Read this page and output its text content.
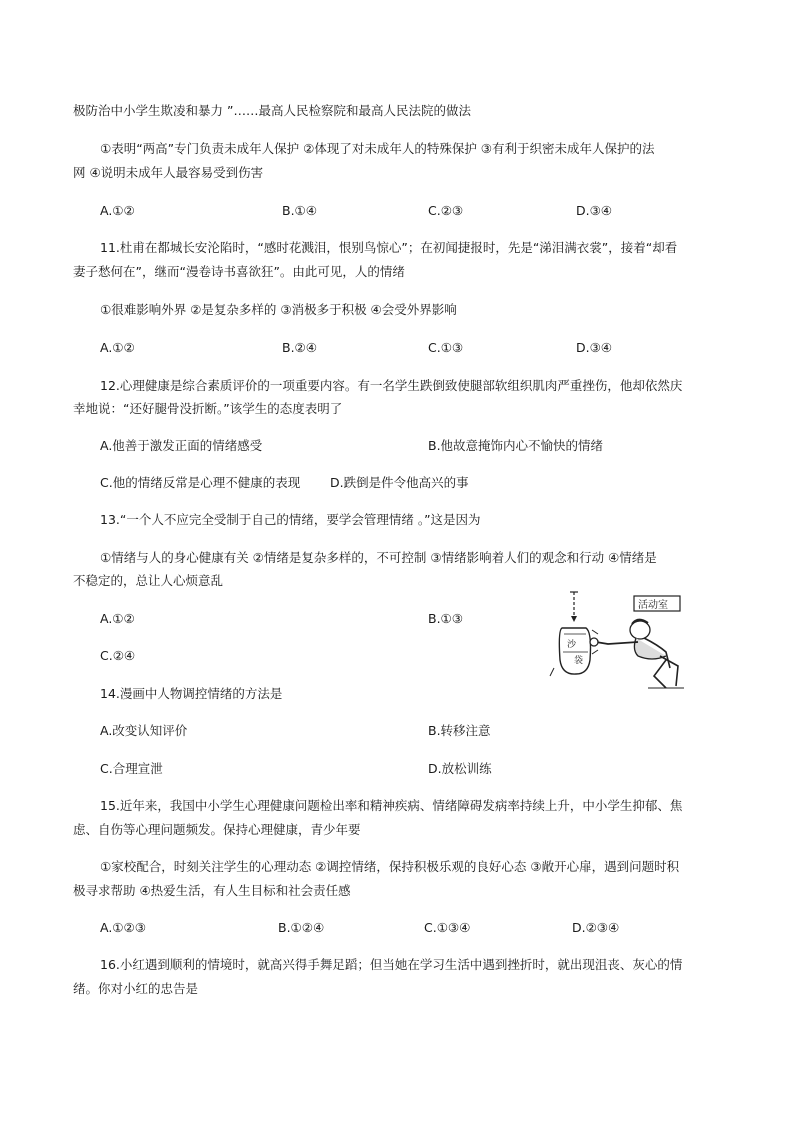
极防治中小学生欺凌和暴力 ”……最高人民检察院和最高人民法院的做法
①表明“两高”专门负责未成年人保护 ②体现了对未成年人的特殊保护 ③有利于织密未成年人保护的法
网 ④说明未成年人最容易受到伤害
A.①②	B.①④	C.②③	D.③④
11.杜甫在都城长安沦陷时，“感时花溅泪，恨别鸟惊心”；在初闻捷报时，先是“涕泪满衣裳”，接着“却看
妻子愁何在”，继而“漫卷诗书喜欲狂”。由此可见，人的情绪
①很难影响外界 ②是复杂多样的 ③消极多于积极 ④会受外界影响
A.①②	B.②④	C.①③	D.③④
12.心理健康是综合素质评价的一项重要内容。有一名学生跌倒致使腿部软组织肌肉严重挫伤，他却依然庆
幸地说：“还好腿骨没折断。”该学生的态度表明了
A.他善于激发正面的情绪感受	B.他故意掩饰内心不愉快的情绪
C.他的情绪反常是心理不健康的表现 D.跌倒是件令他高兴的事
13.“一个人不应完全受制于自己的情绪，要学会管理情绪 。”这是因为
①情绪与人的身心健康有关 ②情绪是复杂多样的，不可控制 ③情绪影响着人们的观念和行动 ④情绪是
不稳定的，总让人心烦意乱
A.①②	B.①③
C.②④
沙
袋
活动室
14.漫画中人物调控情绪的方法是
A.改变认知评价	B.转移注意
C.合理宣泄	D.放松训练
15.近年来，我国中小学生心理健康问题检出率和精神疾病、情绪障碍发病率持续上升，中小学生抑郁、焦
虑、自伤等心理问题频发。保持心理健康，青少年要
①家校配合，时刻关注学生的心理动态 ②调控情绪，保持积极乐观的良好心态 ③敞开心扉，遇到问题时积
极寻求帮助 ④热爱生活，有人生目标和社会责任感
A.①②③	B.①②④	C.①③④	D.②③④
16.小红遇到顺利的情境时，就高兴得手舞足蹈；但当她在学习生活中遇到挫折时，就出现沮丧、灰心的情
绪。你对小红的忠告是
